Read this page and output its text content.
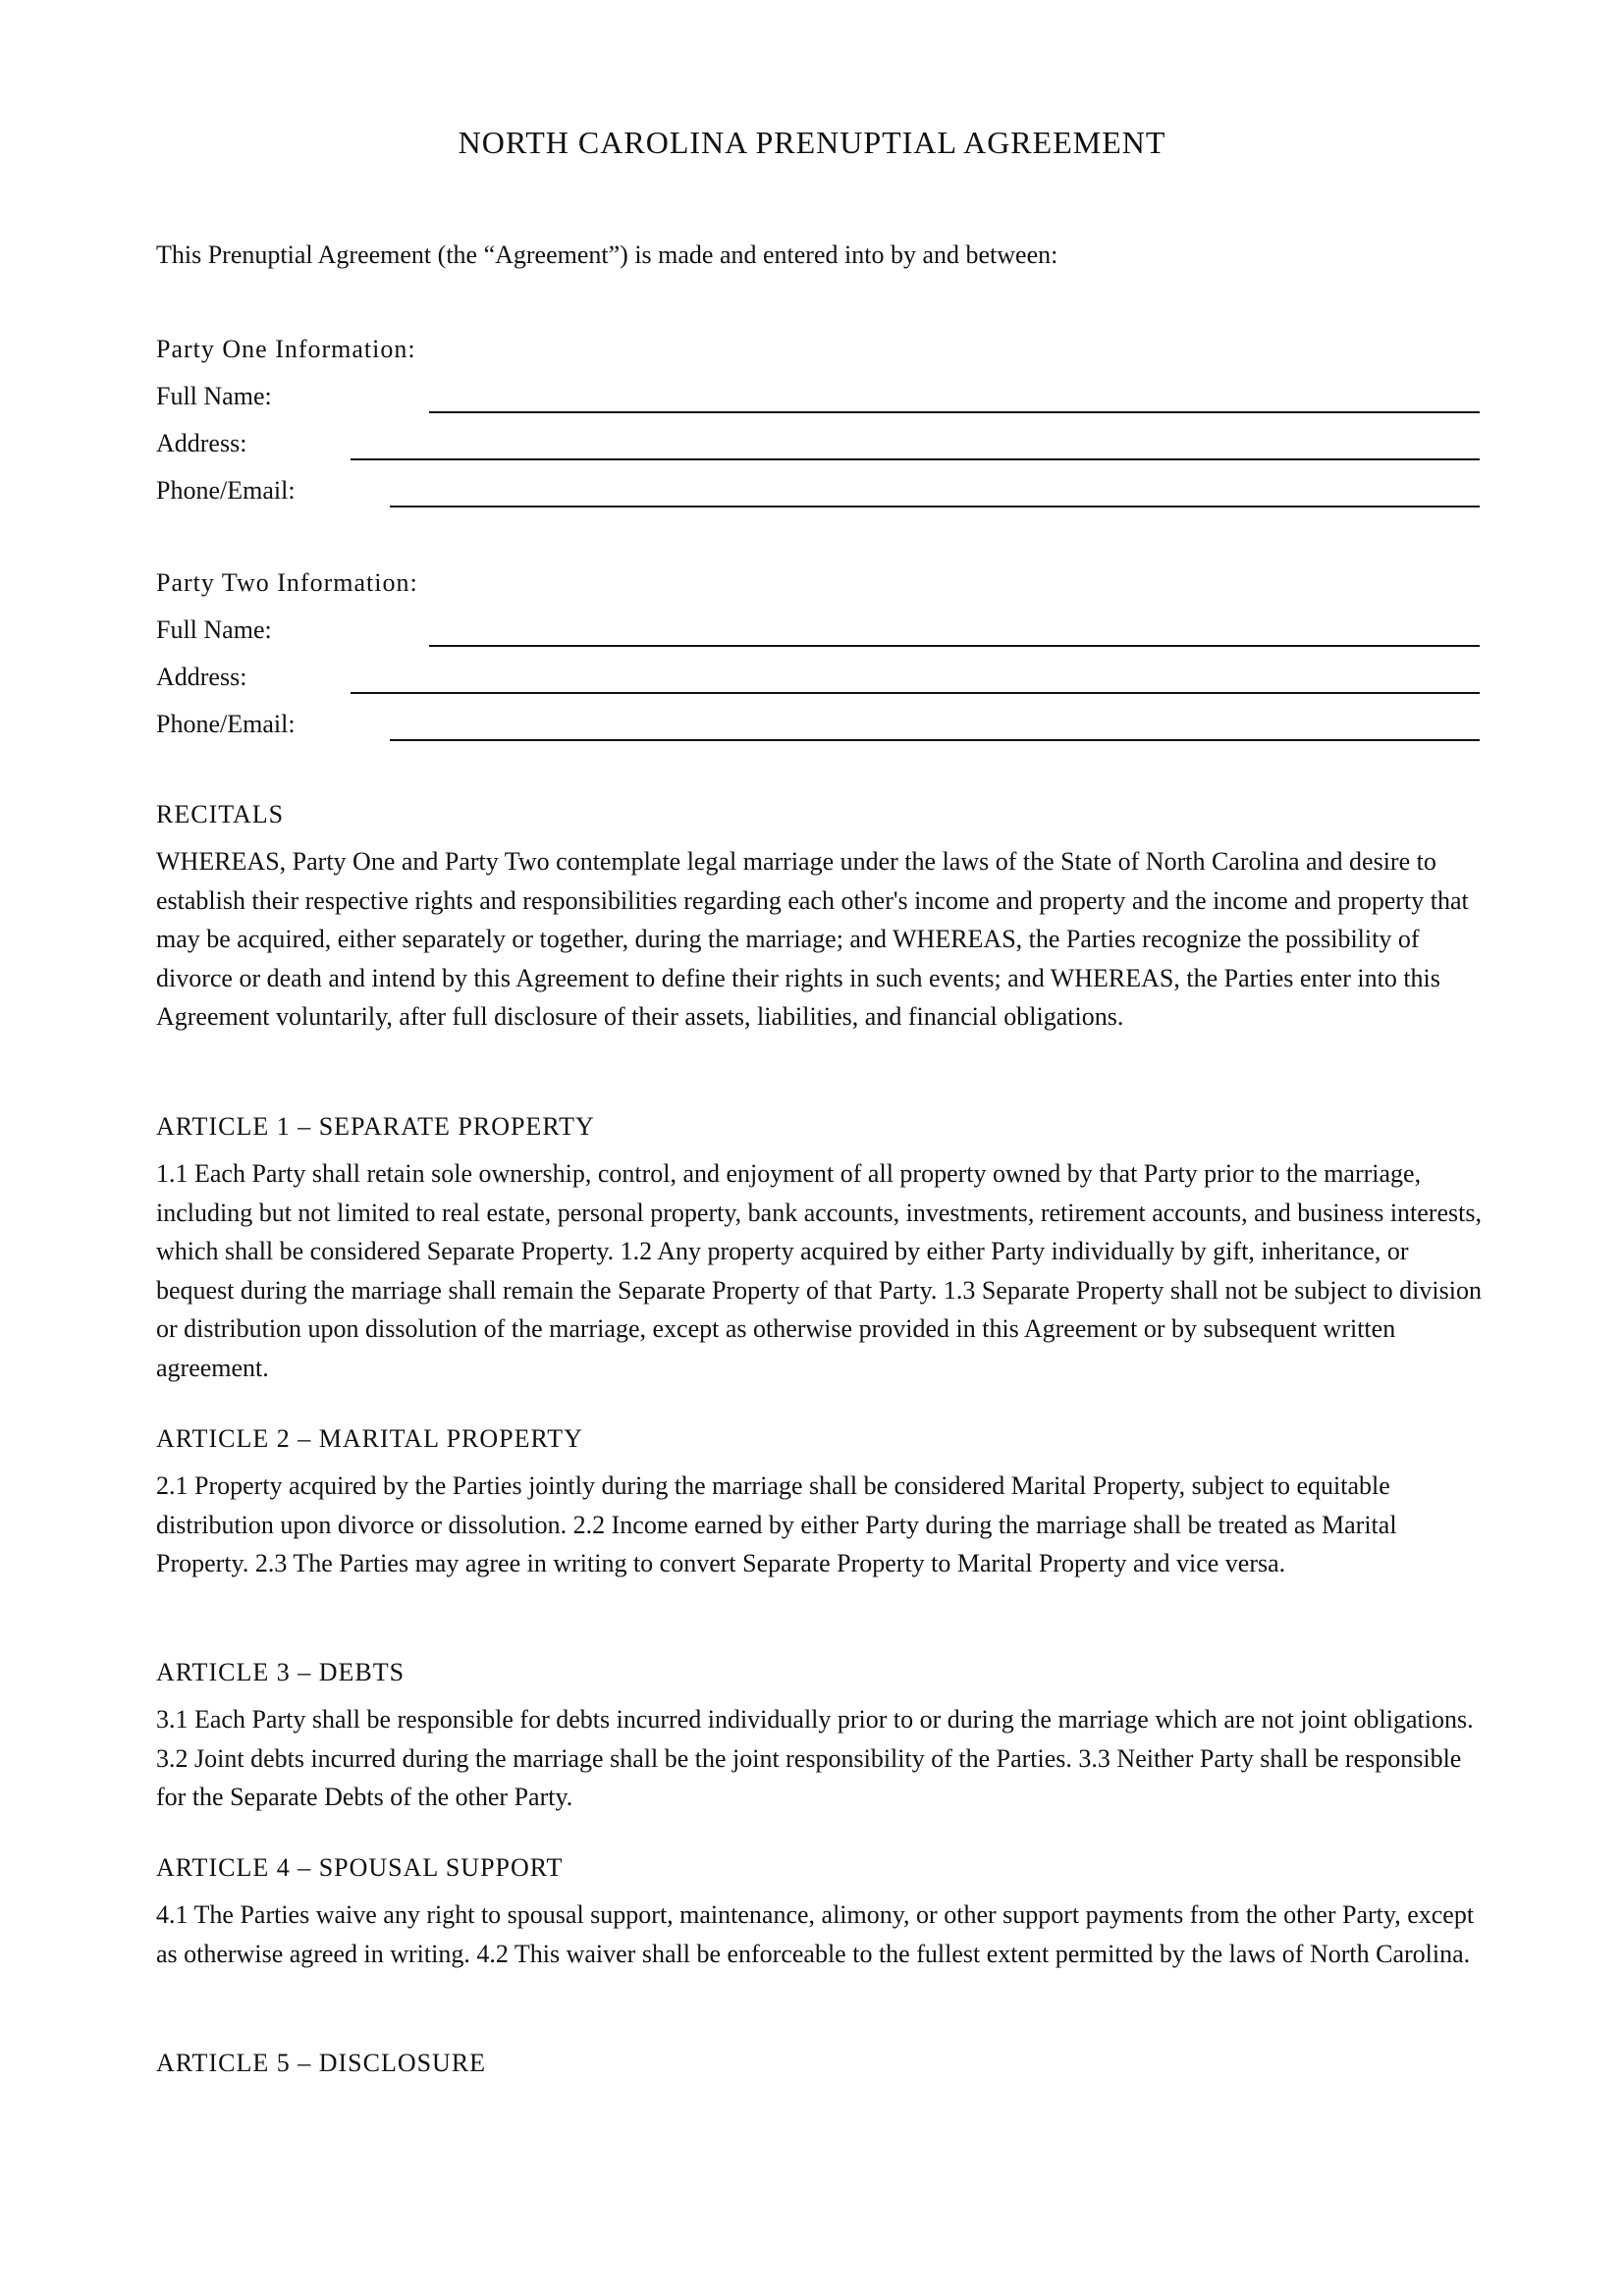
NORTH CAROLINA PRENUPTIAL AGREEMENT
This Prenuptial Agreement (the “Agreement”) is made and entered into by and between:
Party One Information:
Full Name:
Address:
Phone/Email:
Party Two Information:
Full Name:
Address:
Phone/Email:
RECITALS

WHEREAS, Party One and Party Two contemplate legal marriage under the laws of the State of North Carolina and desire to establish their respective rights and responsibilities regarding each other's income and property and the income and property that may be acquired, either separately or together, during the marriage; and WHEREAS, the Parties recognize the possibility of divorce or death and intend by this Agreement to define their rights in such events; and WHEREAS, the Parties enter into this Agreement voluntarily, after full disclosure of their assets, liabilities, and financial obligations.

ARTICLE 1 – SEPARATE PROPERTY

1.1 Each Party shall retain sole ownership, control, and enjoyment of all property owned by that Party prior to the marriage, including but not limited to real estate, personal property, bank accounts, investments, retirement accounts, and business interests, which shall be considered Separate Property. 1.2 Any property acquired by either Party individually by gift, inheritance, or bequest during the marriage shall remain the Separate Property of that Party. 1.3 Separate Property shall not be subject to division or distribution upon dissolution of the marriage, except as otherwise provided in this Agreement or by subsequent written agreement.

ARTICLE 2 – MARITAL PROPERTY

2.1 Property acquired by the Parties jointly during the marriage shall be considered Marital Property, subject to equitable distribution upon divorce or dissolution. 2.2 Income earned by either Party during the marriage shall be treated as Marital Property. 2.3 The Parties may agree in writing to convert Separate Property to Marital Property and vice versa.

ARTICLE 3 – DEBTS

3.1 Each Party shall be responsible for debts incurred individually prior to or during the marriage which are not joint obligations. 3.2 Joint debts incurred during the marriage shall be the joint responsibility of the Parties. 3.3 Neither Party shall be responsible for the Separate Debts of the other Party.

ARTICLE 4 – SPOUSAL SUPPORT

4.1 The Parties waive any right to spousal support, maintenance, alimony, or other support payments from the other Party, except as otherwise agreed in writing. 4.2 This waiver shall be enforceable to the fullest extent permitted by the laws of North Carolina.

ARTICLE 5 – DISCLOSURE
